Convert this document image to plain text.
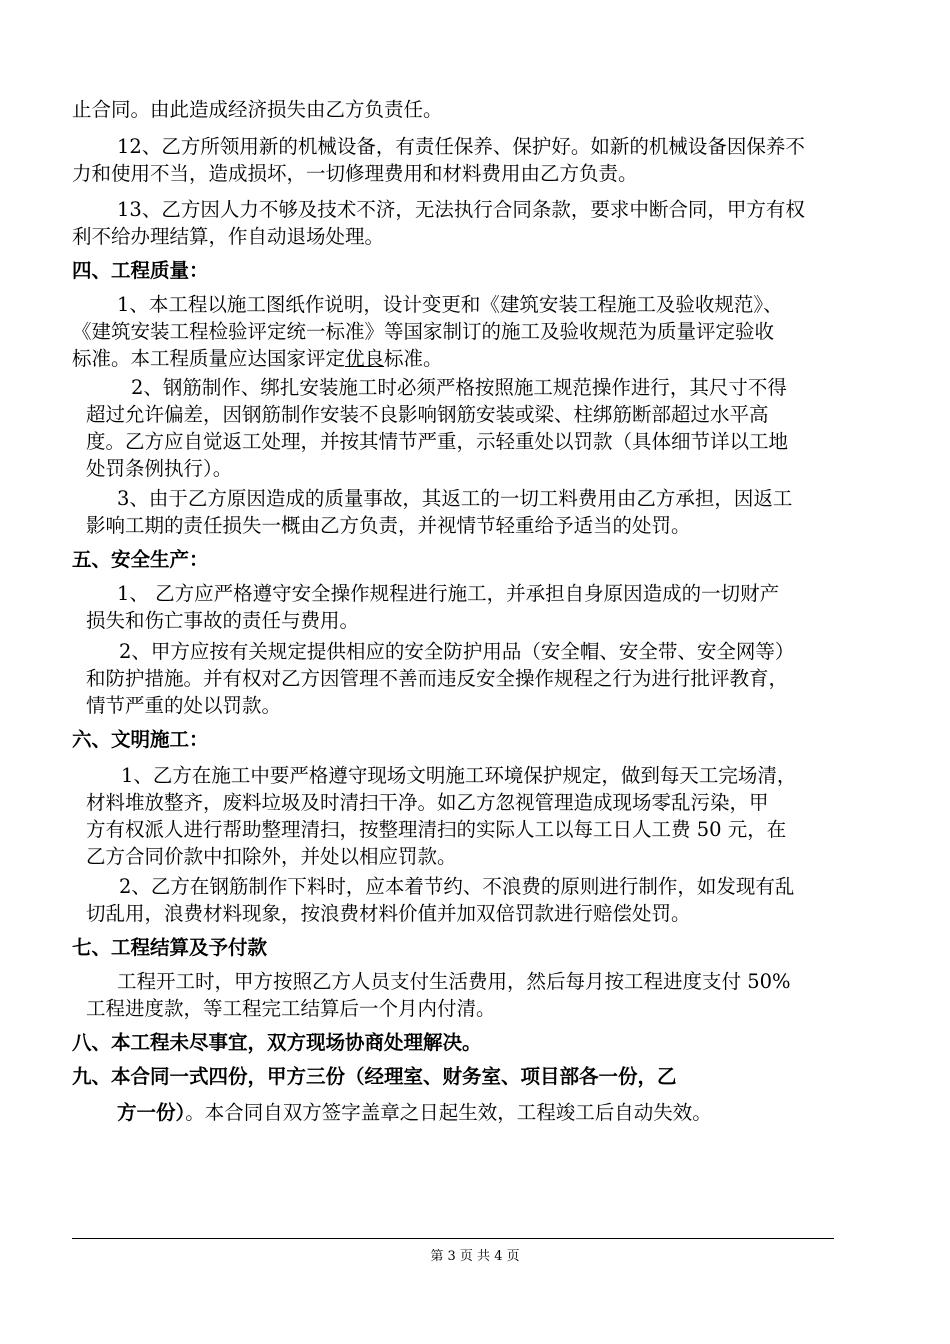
止合同。由此造成经济损失由乙方负责任。
12、乙方所领用新的机械设备，有责任保养、保护好。如新的机械设备因保养不
力和使用不当，造成损坏，一切修理费用和材料费用由乙方负责。
13、乙方因人力不够及技术不济，无法执行合同条款，要求中断合同，甲方有权
利不给办理结算，作自动退场处理。
四、工程质量：
1、本工程以施工图纸作说明，设计变更和《建筑安装工程施工及验收规范》、
《建筑安装工程检验评定统一标准》等国家制订的施工及验收规范为质量评定验收
标准。本工程质量应达国家评定优良标准。
2、钢筋制作、绑扎安装施工时必须严格按照施工规范操作进行，其尺寸不得
超过允许偏差，因钢筋制作安装不良影响钢筋安装或梁、柱绑筋断部超过水平高
度。乙方应自觉返工处理，并按其情节严重，示轻重处以罚款（具体细节详以工地
处罚条例执行）。
3、由于乙方原因造成的质量事故，其返工的一切工料费用由乙方承担，因返工
影响工期的责任损失一概由乙方负责，并视情节轻重给予适当的处罚。
五、安全生产：
1、 乙方应严格遵守安全操作规程进行施工，并承担自身原因造成的一切财产
损失和伤亡事故的责任与费用。
2、甲方应按有关规定提供相应的安全防护用品（安全帽、安全带、安全网等）
和防护措施。并有权对乙方因管理不善而违反安全操作规程之行为进行批评教育，
情节严重的处以罚款。
六、文明施工：
1、乙方在施工中要严格遵守现场文明施工环境保护规定，做到每天工完场清，
材料堆放整齐，废料垃圾及时清扫干净。如乙方忽视管理造成现场零乱污染，甲
方有权派人进行帮助整理清扫，按整理清扫的实际人工以每工日人工费 50 元，在
乙方合同价款中扣除外，并处以相应罚款。
2、乙方在钢筋制作下料时，应本着节约、不浪费的原则进行制作，如发现有乱
切乱用，浪费材料现象，按浪费材料价值并加双倍罚款进行赔偿处罚。
七、工程结算及予付款
工程开工时，甲方按照乙方人员支付生活费用，然后每月按工程进度支付 50%
工程进度款，等工程完工结算后一个月内付清。
八、本工程未尽事宜，双方现场协商处理解决。
九、本合同一式四份，甲方三份（经理室、财务室、项目部各一份，乙
方一份）。本合同自双方签字盖章之日起生效，工程竣工后自动失效。
第 3 页 共 4 页
